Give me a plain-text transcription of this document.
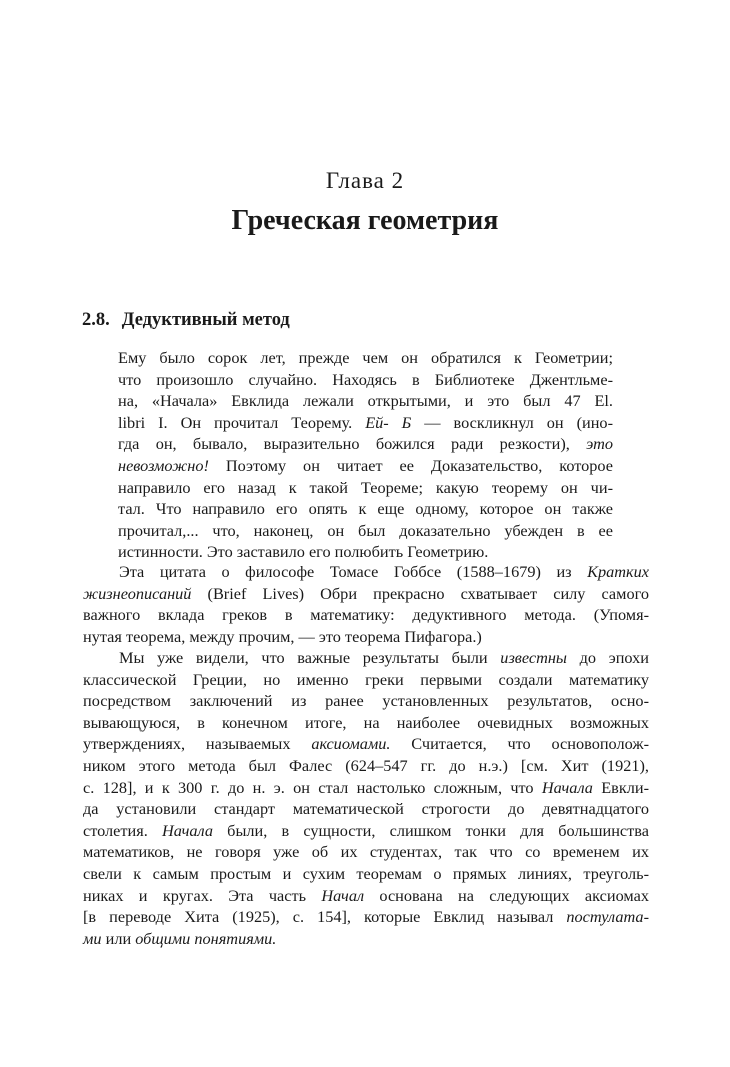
Глава 2
Греческая геометрия
2.8. Дедуктивный метод
Ему было сорок лет, прежде чем он обратился к Геометрии;
что произошло случайно. Находясь в Библиотеке Джентльме-
на, «Начала» Евклида лежали открытыми, и это был 47 El.
libri I. Он прочитал Теорему. Ей- Б — воскликнул он (ино-
гда он, бывало, выразительно божился ради резкости), это
невозможно! Поэтому он читает ее Доказательство, которое
направило его назад к такой Теореме; какую теорему он чи-
тал. Что направило его опять к еще одному, которое он также
прочитал,... что, наконец, он был доказательно убежден в ее
истинности. Это заставило его полюбить Геометрию.
Эта цитата о философе Томасе Гоббсе (1588–1679) из Кратких
жизнеописаний (Brief Lives) Обри прекрасно схватывает силу самого
важного вклада греков в математику: дедуктивного метода. (Упомя-
нутая теорема, между прочим, — это теорема Пифагора.)
Мы уже видели, что важные результаты были известны до эпохи
классической Греции, но именно греки первыми создали математику
посредством заключений из ранее установленных результатов, осно-
вывающуюся, в конечном итоге, на наиболее очевидных возможных
утверждениях, называемых аксиомами. Считается, что основополож-
ником этого метода был Фалес (624–547 гг. до н.э.) [см. Хит (1921),
с. 128], и к 300 г. до н. э. он стал настолько сложным, что Начала Евкли-
да установили стандарт математической строгости до девятнадцатого
столетия. Начала были, в сущности, слишком тонки для большинства
математиков, не говоря уже об их студентах, так что со временем их
свели к самым простым и сухим теоремам о прямых линиях, треуголь-
никах и кругах. Эта часть Начал основана на следующих аксиомах
[в переводе Хита (1925), с. 154], которые Евклид называл постулата-
ми или общими понятиями.
